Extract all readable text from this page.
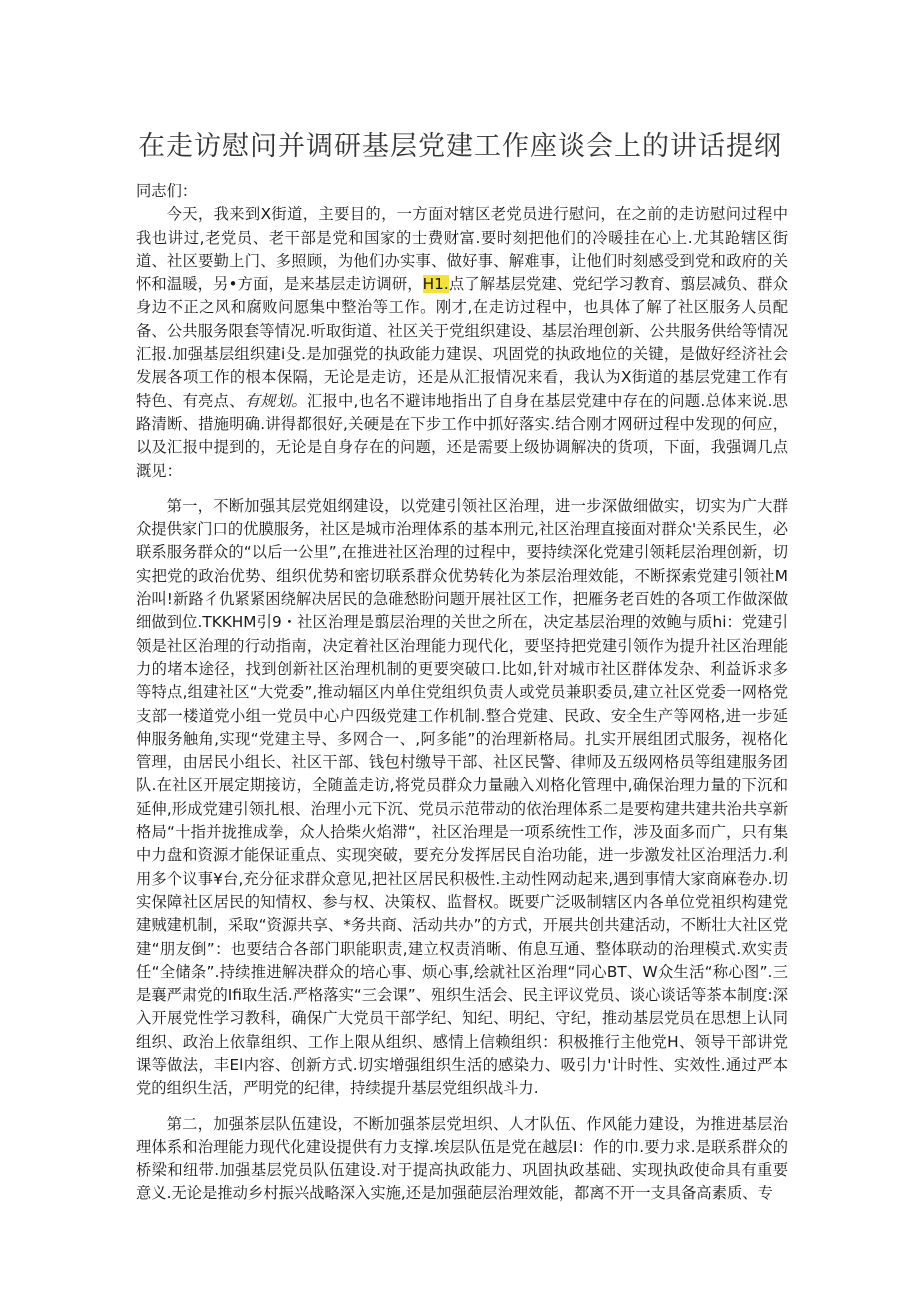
在走访慰问并调研基层党建工作座谈会上的讲话提纲

同志们：

今天，我来到X街道，主要目的，一方面对辖区老党员进行慰问，在之前的走访慰问过程中我也讲过,老党员、老干部是党和国家的士费财富.要时刻把他们的冷暖挂在心上.尤其跄辖区街道、社区要勤上门、多照顾，为他们办实事、做好事、解难事，让他们时刻感受到党和政府的关怀和温暖，另•方面，是来基层走访调研，H1.点了解基层党建、党纪学习教育、翦层减负、群众身边不正之风和腐败问愿集中整治等工作。刚才,在走访过程中，也具体了解了社区服务人员配备、公共服务限套等情况.听取街道、社区关于党组织建设、基层治理创新、公共服务供给等情况汇报.加强基层组织建i殳.是加强党的执政能力建误、巩固党的执政地位的关键，是做好经济社会发展各项工作的根本保隔，无论是走访，还是从汇报情况来看，我认为X街道的基层党建工作有特色、有亮点、有规划。汇报中,也名不避讳地指出了自身在基层党建中存在的问题.总体来说.思路清断、措施明确.讲得都很好,关硬是在下步工作中抓好落实.结合刚才网研过程中发现的何应，以及汇报中提到的，无论是自身存在的问题，还是需要上级协调解决的货项，下面，我强调几点溉见：

第一，不断加强其层党姐纲建设，以党建引领社区治理，进一步深做细做实，切实为广大群众提供家门口的优膜服务，社区是城市治理体系的基本刑元,社区治理直接面对群众'关系民生，必联系服务群众的“以后一公里”,在推进社区治理的过程中，要持续深化党建引领耗层治理创新，切实把党的政治优势、组织优势和密切联系群众优势转化为茶层治理效能，不断探索党建引领社M治叫!新路彳仇紧紧困绕解决居民的急碓愁盼问题开展社区工作，把雁务老百姓的各项工作做深做细做到位.TKKHM引9・社区治理是翦层治理的关世之所在，决定基层治理的效鲍与质hi：党建引领是社区治理的行动指南，决定着社区治理能力现代化，要坚持把党建引领作为提升社区治理能力的堵本途径，找到创新社区治理机制的更要突破口.比如,针对城市社区群体发杂、利益诉求多等特点,组建社区“大党委”,推动辐区内单住党组织负责人或党员兼职委员,建立社区党委一网格党支部一楼道党小组一党员中心户四级党建工作机制.整合党建、民政、安全生产等网格,进一步延伸服务触角,实现“党建主导、多网合一、,阿多能”的治理新格局。扎实开展组团式服务，视格化管理，由居民小组长、社区干部、钱包村缴导干部、社区民警、律师及五级网格员等组建服务团队.在社区开展定期接访，全随盖走访,将党员群众力量融入刈格化管理中,确保治理力量的下沉和延伸,形成党建引领扎根、治理小元下沉、党员示范带动的依治理体系二是要构建共建共治共享新格局“十指并拢推成拳，众人拾柴火焰滞“，社区治理是一项系统性工作，涉及面多而广，只有集中力盘和资源才能保证重点、实现突破，要充分发挥居民自治功能，进一步激发社区治理活力.利用多个议事¥台,充分征求群众意见,把社区居民积极性.主动性网动起来,遇到事情大家商麻卷办.切实保障社区居民的知情权、参与权、决策权、监督权。既要广泛吸制辖区内各单位党祖织构建党建贼建机制，采取“资源共享、*务共商、活动共办”的方式，开展共创共建活动，不断壮大社区党建“朋友倒”：也要结合各部门职能职责,建立权责消晰、侑息互通、整体联动的治理模式.欢实责任“全储条”.持续推进解决群众的培心事、烦心事,绘就社区治理“同心BT、W众生活“称心图”.三是襄严肃党的Ifi取生活.严格落实“三会课”、殂织生活会、民主评议党员、谈心谈话等茶本制度:深入开展党性学习教科，确保广大党员干部学纪、知纪、明纪、守纪，推动基层党员在思想上认同组织、政治上依靠组织、工作上限从组织、感情上信赖组织：积极推行主他党H、领导干部讲党课等做法，丰El内容、创新方式.切实增强组织生活的感染力、吸引力'计时性、实效性.通过严本党的组织生活，严明党的纪律，持续提升基层党组织战斗力.

第二，加强茶层队伍建设，不断加强茶层党坦织、人才队伍、作风能力建设，为推进基层治理体系和治理能力现代化建设提供有力支撑.埃层队伍是党在越层I：作的巾.要力求.是联系群众的桥梁和纽带.加强基层党员队伍建设.对于提高执政能力、巩固执政基础、实现执政使命具有重要意义.无论是推动乡村振兴战略深入实施,还是加强葩层治理效能，都离不开一支具备高素质、专
